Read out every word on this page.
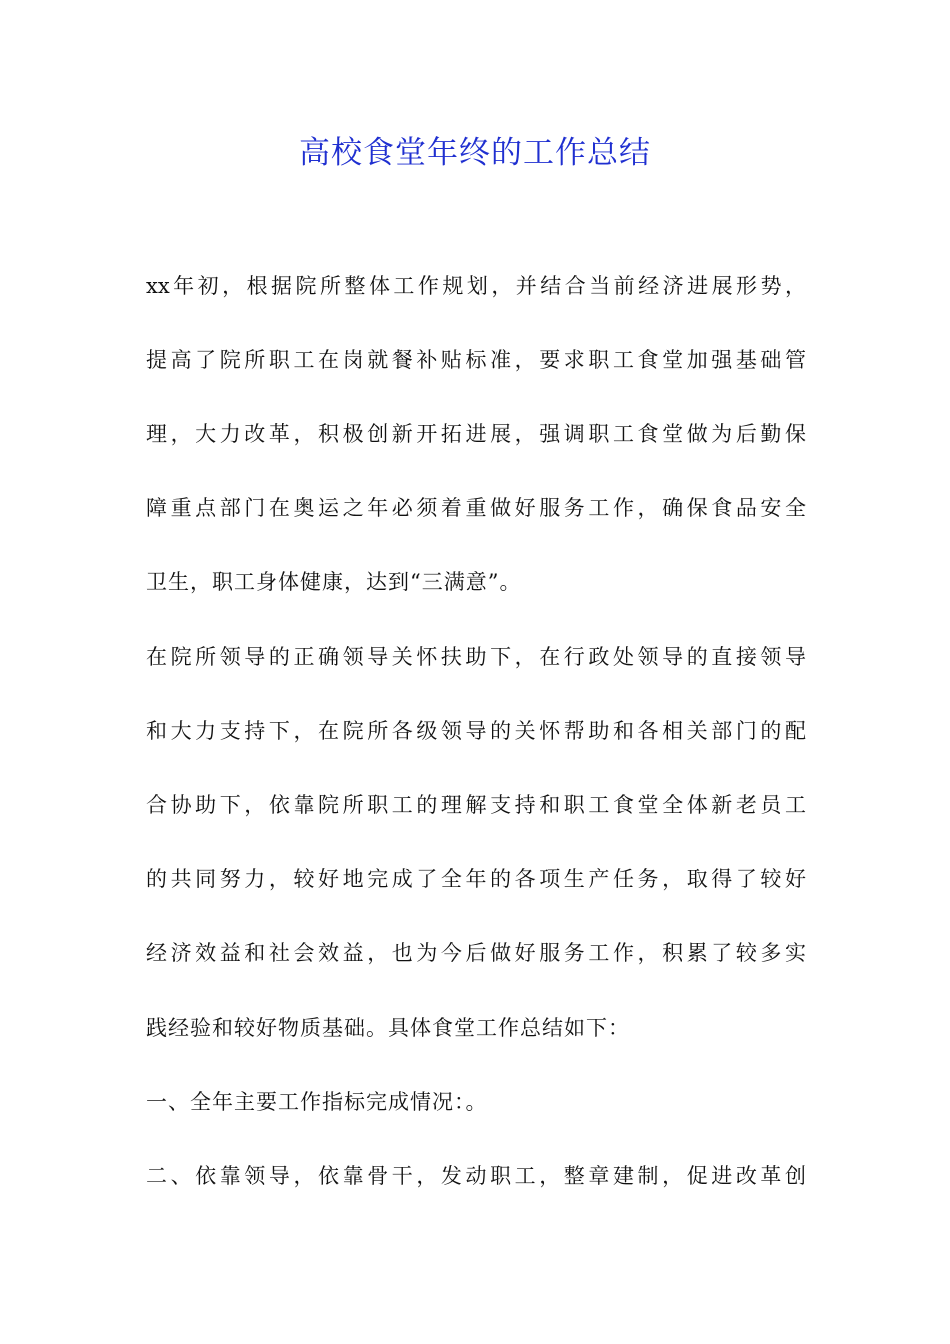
高校食堂年终的工作总结
xx年初，根据院所整体工作规划，并结合当前经济进展形势，
提高了院所职工在岗就餐补贴标准，要求职工食堂加强基础管
理，大力改革，积极创新开拓进展，强调职工食堂做为后勤保
障重点部门在奥运之年必须着重做好服务工作，确保食品安全
卫生，职工身体健康，达到“三满意”。
在院所领导的正确领导关怀扶助下，在行政处领导的直接领导
和大力支持下，在院所各级领导的关怀帮助和各相关部门的配
合协助下，依靠院所职工的理解支持和职工食堂全体新老员工
的共同努力，较好地完成了全年的各项生产任务，取得了较好
经济效益和社会效益，也为今后做好服务工作，积累了较多实
践经验和较好物质基础。具体食堂工作总结如下：
一、全年主要工作指标完成情况：。
二、依靠领导，依靠骨干，发动职工，整章建制，促进改革创
